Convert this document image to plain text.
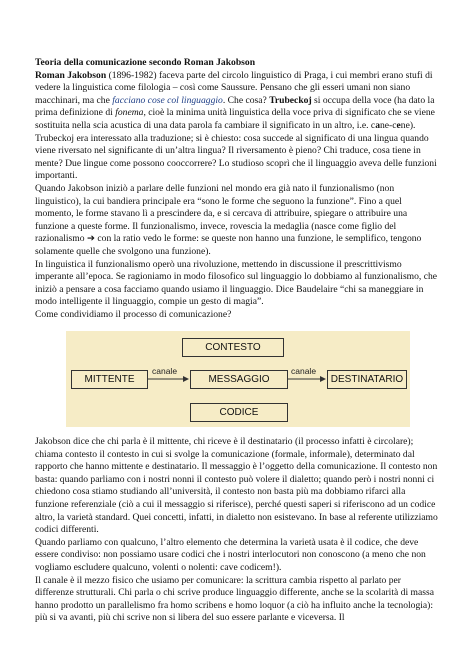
Teoria della comunicazione secondo Roman Jakobson

Roman Jakobson (1896-1982) faceva parte del circolo linguistico di Praga, i cui membri erano stufi di vedere la linguistica come filologia – così come Saussure. Pensano che gli esseri umani non siano macchinari, ma che facciano cose col linguaggio. Che cosa? Trubeckoj si occupa della voce (ha dato la prima definizione di fonema, cioè la minima unità linguistica della voce priva di significato che se viene sostituita nella scia acustica di una data parola fa cambiare il significato in un altro, i.e. cane-cene). Trubeckoj era interessato alla traduzione; si è chiesto: cosa succede al significato di una lingua quando viene riversato nel significante di un’altra lingua? Il riversamento è pieno? Chi traduce, cosa tiene in mente? Due lingue come possono cooccorrere? Lo studioso scoprì che il linguaggio aveva delle funzioni importanti.

Quando Jakobson iniziò a parlare delle funzioni nel mondo era già nato il funzionalismo (non linguistico), la cui bandiera principale era “sono le forme che seguono la funzione”. Fino a quel momento, le forme stavano lì a prescindere da, e si cercava di attribuire, spiegare o attribuire una funzione a queste forme. Il funzionalismo, invece, rovescia la medaglia (nasce come figlio del razionalismo ➔ con la ratio vedo le forme: se queste non hanno una funzione, le semplifico, tengono solamente quelle che svolgono una funzione).

In linguistica il funzionalismo operò una rivoluzione, mettendo in discussione il prescrittivismo imperante all’epoca. Se ragioniamo in modo filosofico sul linguaggio lo dobbiamo al funzionalismo, che iniziò a pensare a cosa facciamo quando usiamo il linguaggio. Dice Baudelaire “chi sa maneggiare in modo intelligente il linguaggio, compie un gesto di magia”.

Come condividiamo il processo di comunicazione?

CONTESTO
MITTENTE	MESSAGGIO	DESTINATARIO
CODICE
canale	canale

Jakobson dice che chi parla è il mittente, chi riceve è il destinatario (il processo infatti è circolare); chiama contesto il contesto in cui si svolge la comunicazione (formale, informale), determinato dal rapporto che hanno mittente e destinatario. Il messaggio è l’oggetto della comunicazione. Il contesto non basta: quando parliamo con i nostri nonni il contesto può volere il dialetto; quando però i nostri nonni ci chiedono cosa stiamo studiando all’università, il contesto non basta più ma dobbiamo rifarci alla funzione referenziale (ciò a cui il messaggio si riferisce), perché questi saperi si riferiscono ad un codice altro, la varietà standard. Quei concetti, infatti, in dialetto non esistevano. In base al referente utilizziamo codici differenti.

Quando parliamo con qualcuno, l’altro elemento che determina la varietà usata è il codice, che deve essere condiviso: non possiamo usare codici che i nostri interlocutori non conoscono (a meno che non vogliamo escludere qualcuno, volenti o nolenti: cave codicem!).

Il canale è il mezzo fisico che usiamo per comunicare: la scrittura cambia rispetto al parlato per differenze strutturali. Chi parla o chi scrive produce linguaggio differente, anche se la scolarità di massa hanno prodotto un parallelismo fra homo scribens e homo loquor (a ciò ha influito anche la tecnologia): più si va avanti, più chi scrive non si libera del suo essere parlante e viceversa. Il
